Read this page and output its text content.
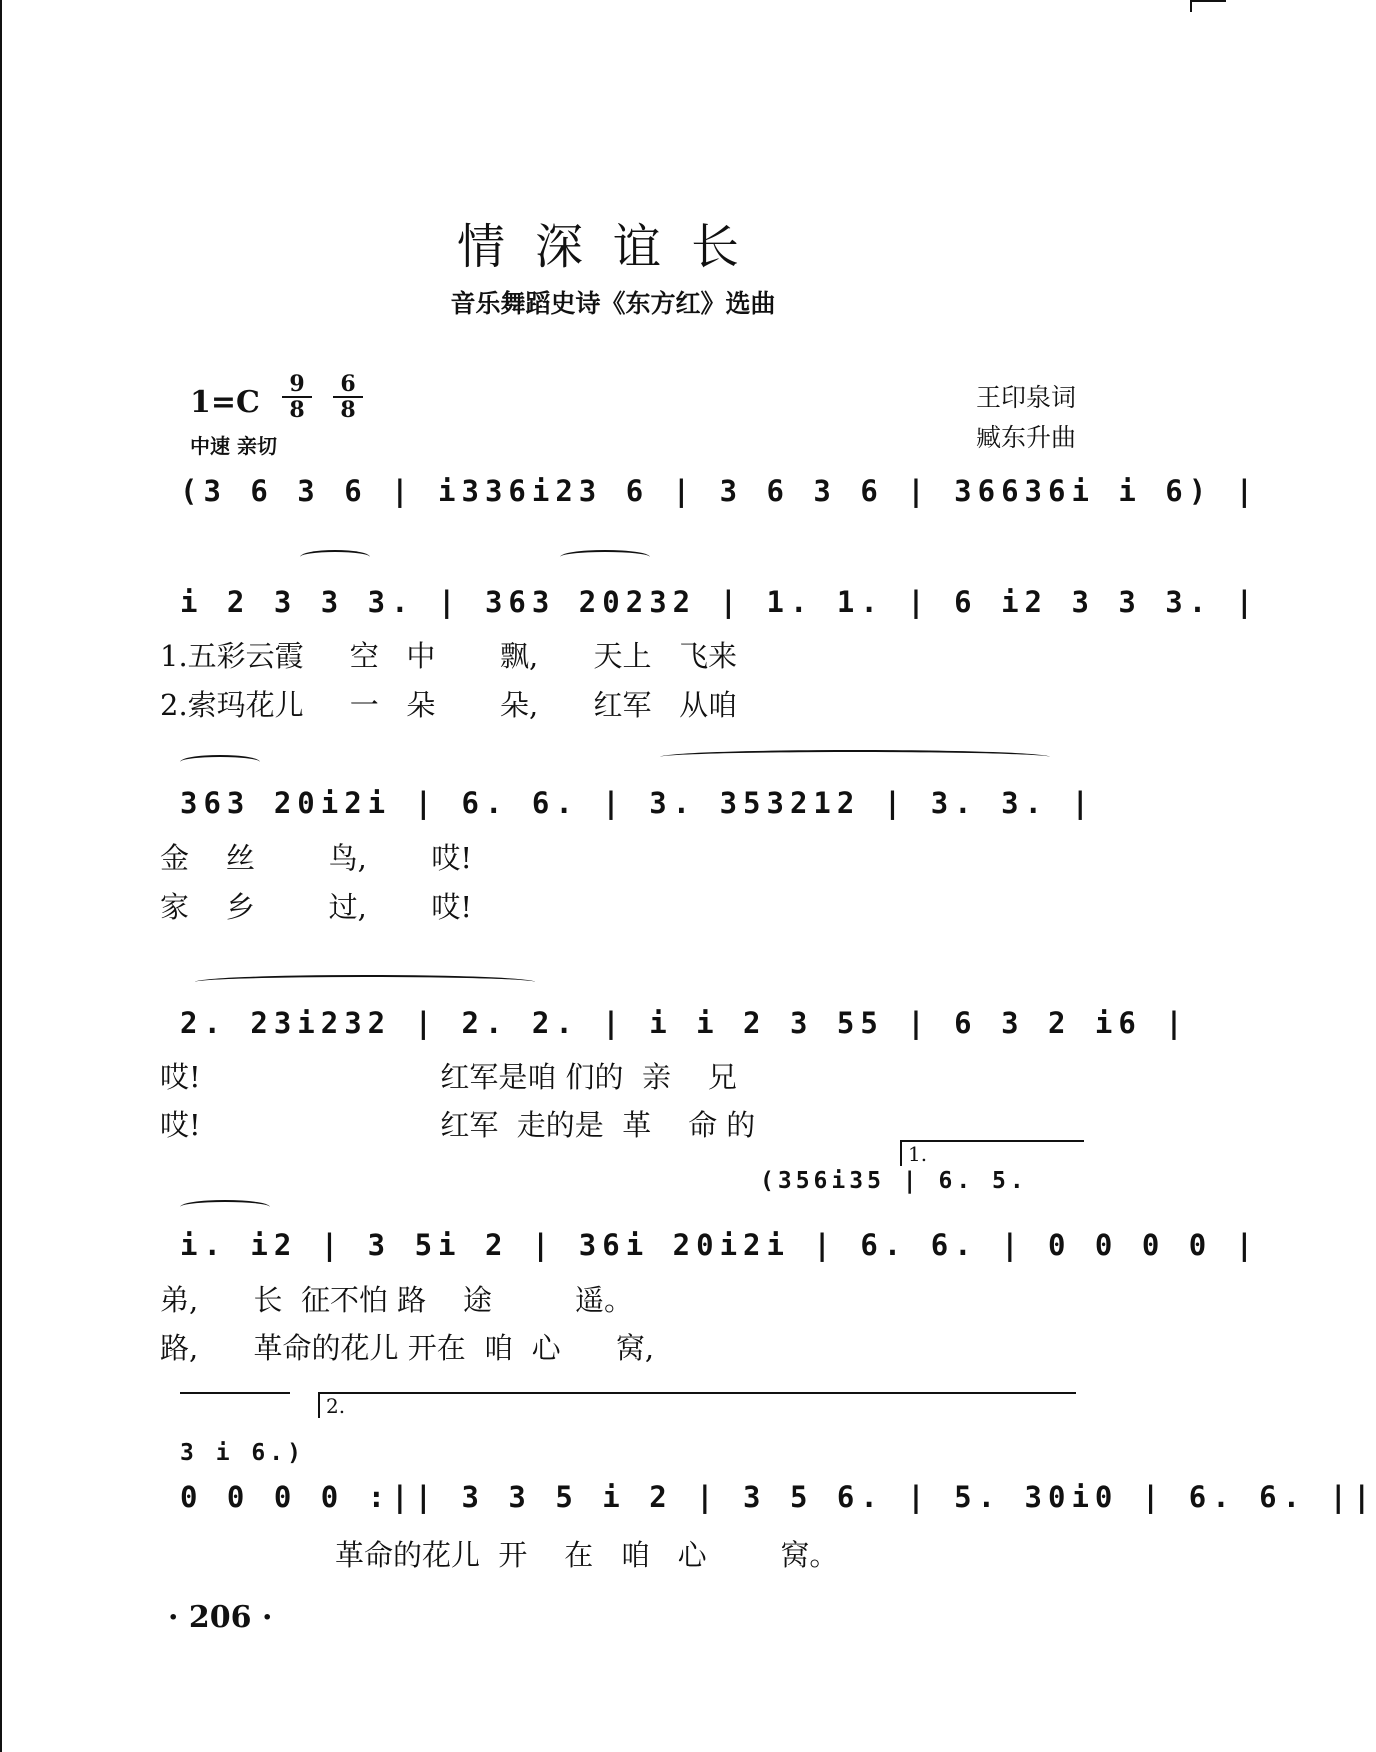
情深谊长
音乐舞蹈史诗《东方红》选曲
1=C
9
8
6
8
中速 亲切
王印泉词
臧东升曲
(3 6 3 6 | i336i23 6 | 3 6 3 6 | 36636i i 6) |
i 2 3 3 3. | 363 20232 | 1. 1. | 6 i2 3 3 3. |
1.五彩云霞     空   中       飘,      天上   飞来
2.索玛花儿     一   朵       朵,      红军   从咱
363 20i2i | 6. 6. | 3. 353212 | 3. 3. |
金    丝        鸟,       哎!
家    乡        过,       哎!
2. 23i232 | 2. 2. | i i 2 3 55 | 6 3 2 i6 |
哎!                          红军是咱 们的  亲    兄
哎!                          红军  走的是  革    命 的
1.
(356i35 | 6. 5.
i. i2 | 3 5i 2 | 36i 20i2i | 6. 6. | 0 0 0 0 |
弟,      长  征不怕 路    途         遥。
路,      革命的花儿 开在  咱  心      窝,
2.
3 i 6.)
0 0 0 0 :|| 3 3 5 i 2 | 3 5 6. | 5. 30i0 | 6. 6. ||
革命的花儿  开    在   咱   心        窝。
· 206 ·
